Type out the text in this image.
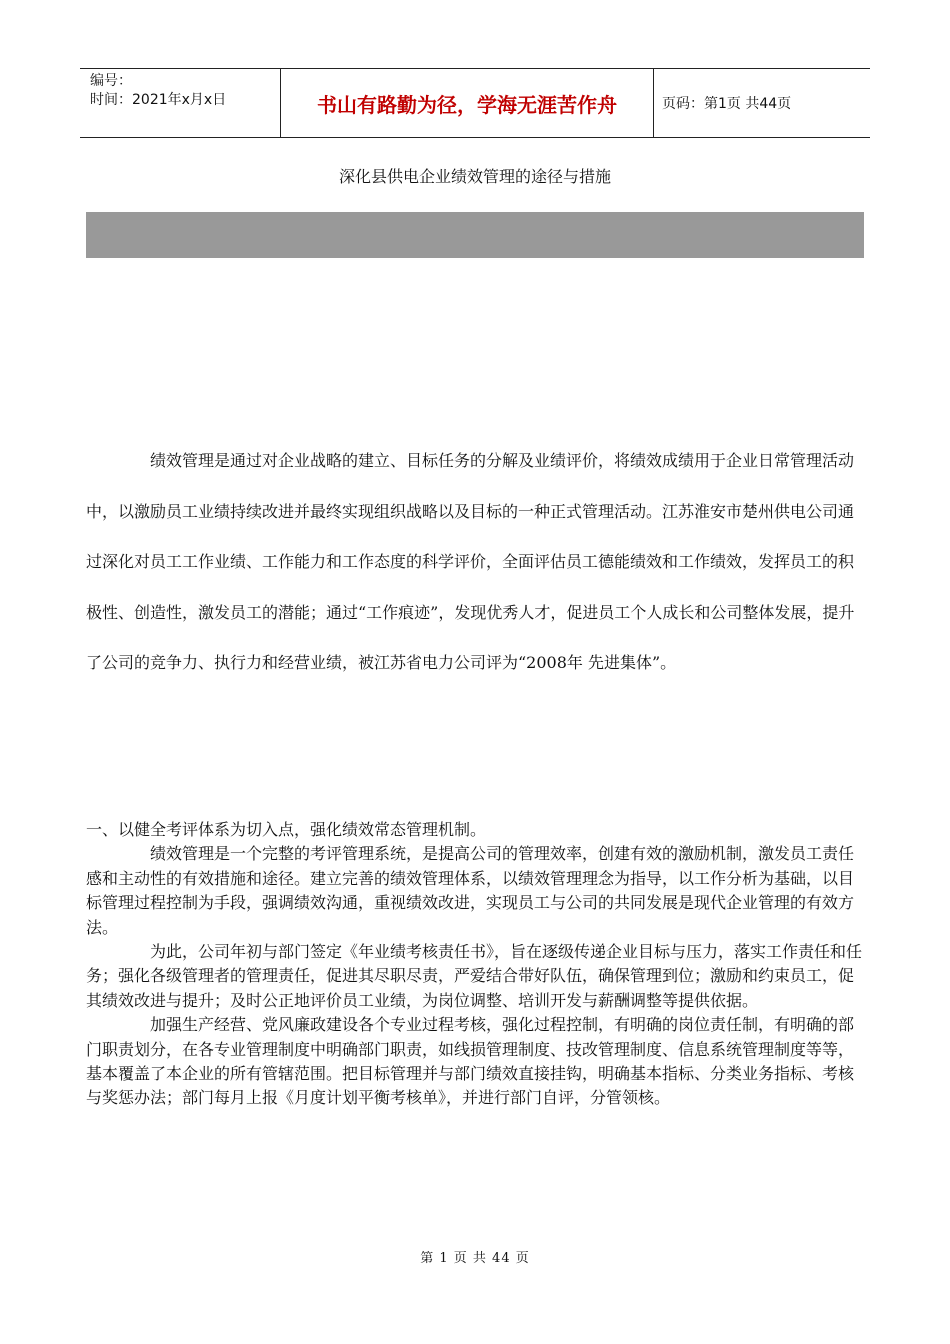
编号：
时间：2021年x月x日	书山有路勤为径，学海无涯苦作舟	页码：第1页 共44页
深化县供电企业绩效管理的途径与措施

绩效管理是通过对企业战略的建立、目标任务的分解及业绩评价，将绩效成绩用于企业日常管理活动中，以激励员工业绩持续改进并最终实现组织战略以及目标的一种正式管理活动。江苏淮安市楚州供电公司通过深化对员工工作业绩、工作能力和工作态度的科学评价，全面评估员工德能绩效和工作绩效，发挥员工的积极性、创造性，激发员工的潜能；通过“工作痕迹”，发现优秀人才，促进员工个人成长和公司整体发展，提升了公司的竞争力、执行力和经营业绩，被江苏省电力公司评为“2008年 先进集体”。

一、以健全考评体系为切入点，强化绩效常态管理机制。

绩效管理是一个完整的考评管理系统，是提高公司的管理效率，创建有效的激励机制，激发员工责任感和主动性的有效措施和途径。建立完善的绩效管理体系，以绩效管理理念为指导，以工作分析为基础，以目标管理过程控制为手段，强调绩效沟通，重视绩效改进，实现员工与公司的共同发展是现代企业管理的有效方法。

为此，公司年初与部门签定《年业绩考核责任书》，旨在逐级传递企业目标与压力，落实工作责任和任务；强化各级管理者的管理责任，促进其尽职尽责，严爱结合带好队伍，确保管理到位；激励和约束员工，促其绩效改进与提升；及时公正地评价员工业绩，为岗位调整、培训开发与薪酬调整等提供依据。

加强生产经营、党风廉政建设各个专业过程考核，强化过程控制，有明确的岗位责任制，有明确的部门职责划分，在各专业管理制度中明确部门职责，如线损管理制度、技改管理制度、信息系统管理制度等等，基本覆盖了本企业的所有管辖范围。把目标管理并与部门绩效直接挂钩，明确基本指标、分类业务指标、考核与奖惩办法；部门每月上报《月度计划平衡考核单》，并进行部门自评，分管领核。

第 1 页 共 44 页
